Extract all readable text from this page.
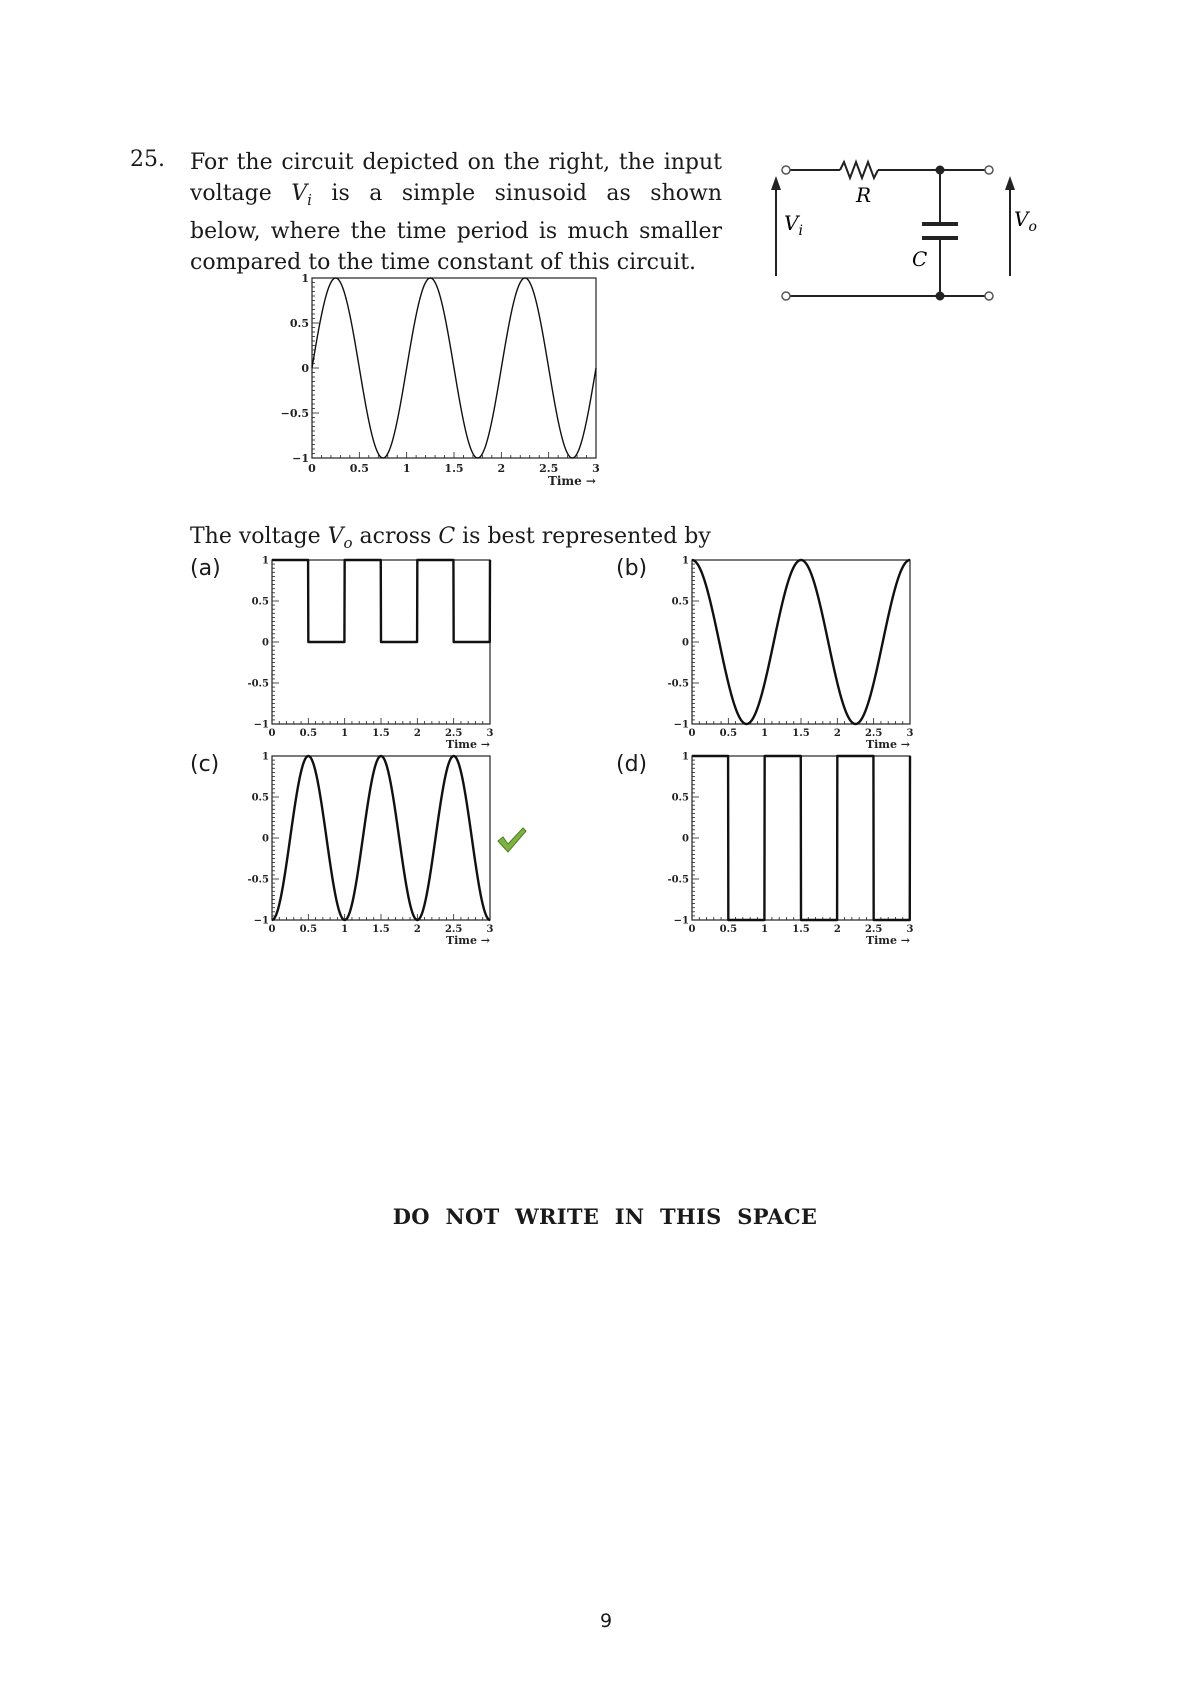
25. For the circuit depicted on the right, the input
voltage $V_i$ is a simple sinusoid as shown
below, where the time period is much smaller
compared to the time constant of this circuit.
R
C
$V_i$	$V_o$
0	0.5	1	1.5	2	2.5	3
1
0.5
0
−0.5
−1
Time →
The voltage $V_o$ across C is best represented by
(a)	(b)
(c)	(d)
0 0.5 1 1.5 2 2.5 3
1
0.5
0
-0.5
−1
Time →
0 0.5 1 1.5 2 2.5 3
1
0.5
0
-0.5
−1
Time →
0 0.5 1 1.5 2 2.5 3
1
0.5
0
-0.5
−1
Time →
0 0.5 1 1.5 2 2.5 3
1
0.5
0
-0.5
−1
Time →
DO NOT WRITE IN THIS SPACE
9
